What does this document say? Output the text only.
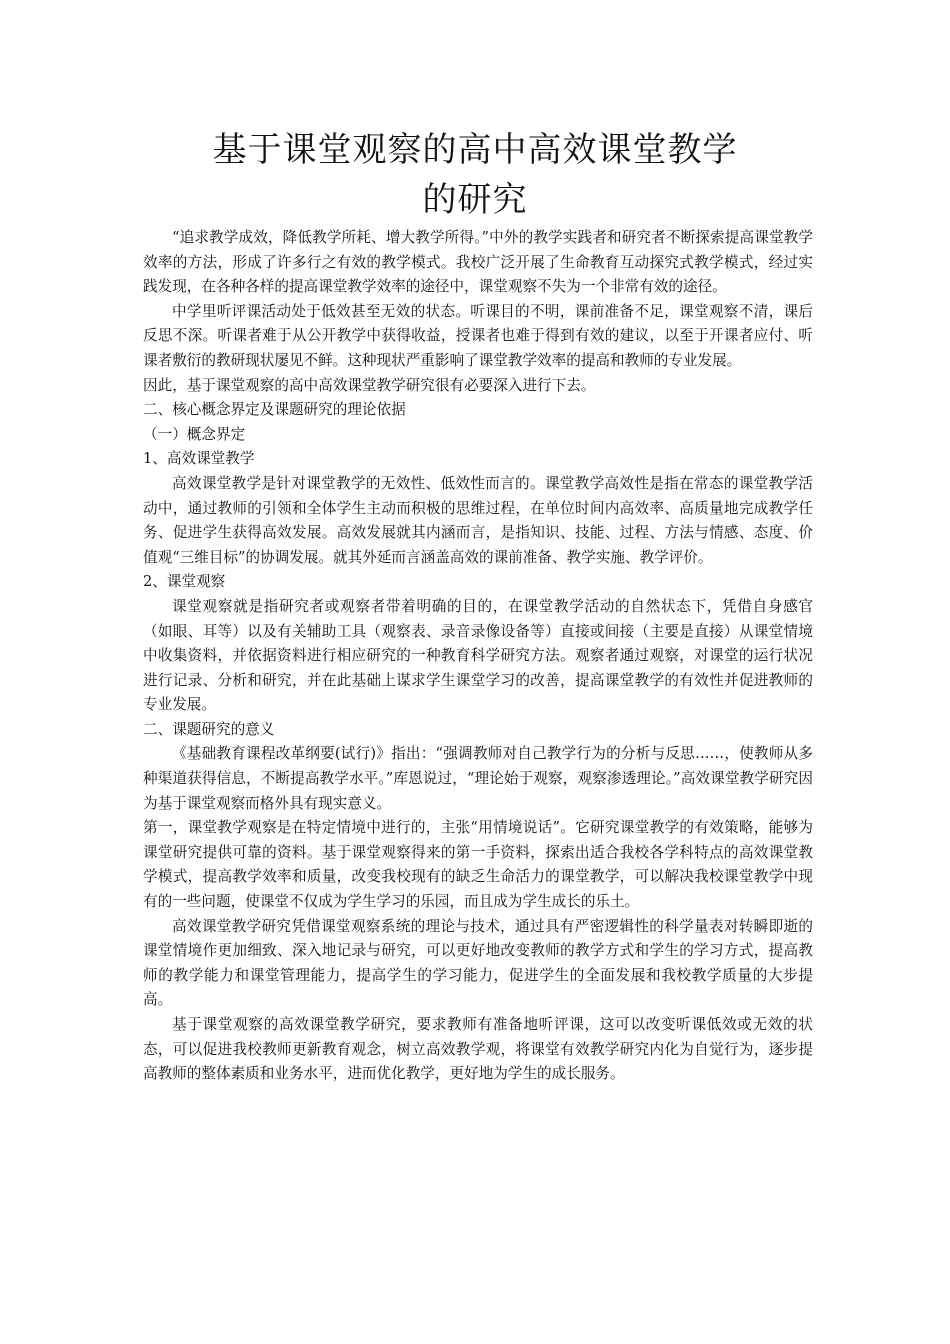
基于课堂观察的高中高效课堂教学
的研究

“追求教学成效，降低教学所耗、增大教学所得。”中外的教学实践者和研究者不断探索提高课堂教学效率的方法，形成了许多行之有效的教学模式。我校广泛开展了生命教育互动探究式教学模式，经过实践发现，在各种各样的提高课堂教学效率的途径中，课堂观察不失为一个非常有效的途径。

中学里听评课活动处于低效甚至无效的状态。听课目的不明，课前准备不足，课堂观察不清，课后反思不深。听课者难于从公开教学中获得收益，授课者也难于得到有效的建议，以至于开课者应付、听课者敷衍的教研现状屡见不鲜。这种现状严重影响了课堂教学效率的提高和教师的专业发展。

因此，基于课堂观察的高中高效课堂教学研究很有必要深入进行下去。

二、核心概念界定及课题研究的理论依据

（一）概念界定

1、高效课堂教学

高效课堂教学是针对课堂教学的无效性、低效性而言的。课堂教学高效性是指在常态的课堂教学活动中，通过教师的引领和全体学生主动而积极的思维过程，在单位时间内高效率、高质量地完成教学任务、促进学生获得高效发展。高效发展就其内涵而言，是指知识、技能、过程、方法与情感、态度、价值观“三维目标”的协调发展。就其外延而言涵盖高效的课前准备、教学实施、教学评价。

2、课堂观察

课堂观察就是指研究者或观察者带着明确的目的，在课堂教学活动的自然状态下，凭借自身感官（如眼、耳等）以及有关辅助工具（观察表、录音录像设备等）直接或间接（主要是直接）从课堂情境中收集资料，并依据资料进行相应研究的一种教育科学研究方法。观察者通过观察，对课堂的运行状况进行记录、分析和研究，并在此基础上谋求学生课堂学习的改善，提高课堂教学的有效性并促进教师的专业发展。

二、课题研究的意义

《基础教育课程改革纲要(试行)》指出：“强调教师对自己教学行为的分析与反思……，使教师从多种渠道获得信息，不断提高教学水平。”库恩说过，“理论始于观察，观察渗透理论。”高效课堂教学研究因为基于课堂观察而格外具有现实意义。

第一，课堂教学观察是在特定情境中进行的，主张“用情境说话”。它研究课堂教学的有效策略，能够为课堂研究提供可靠的资料。基于课堂观察得来的第一手资料，探索出适合我校各学科特点的高效课堂教学模式，提高教学效率和质量，改变我校现有的缺乏生命活力的课堂教学，可以解决我校课堂教学中现有的一些问题，使课堂不仅成为学生学习的乐园，而且成为学生成长的乐土。

高效课堂教学研究凭借课堂观察系统的理论与技术，通过具有严密逻辑性的科学量表对转瞬即逝的课堂情境作更加细致、深入地记录与研究，可以更好地改变教师的教学方式和学生的学习方式，提高教师的教学能力和课堂管理能力，提高学生的学习能力，促进学生的全面发展和我校教学质量的大步提高。

基于课堂观察的高效课堂教学研究，要求教师有准备地听评课，这可以改变听课低效或无效的状态，可以促进我校教师更新教育观念，树立高效教学观，将课堂有效教学研究内化为自觉行为，逐步提高教师的整体素质和业务水平，进而优化教学，更好地为学生的成长服务。
